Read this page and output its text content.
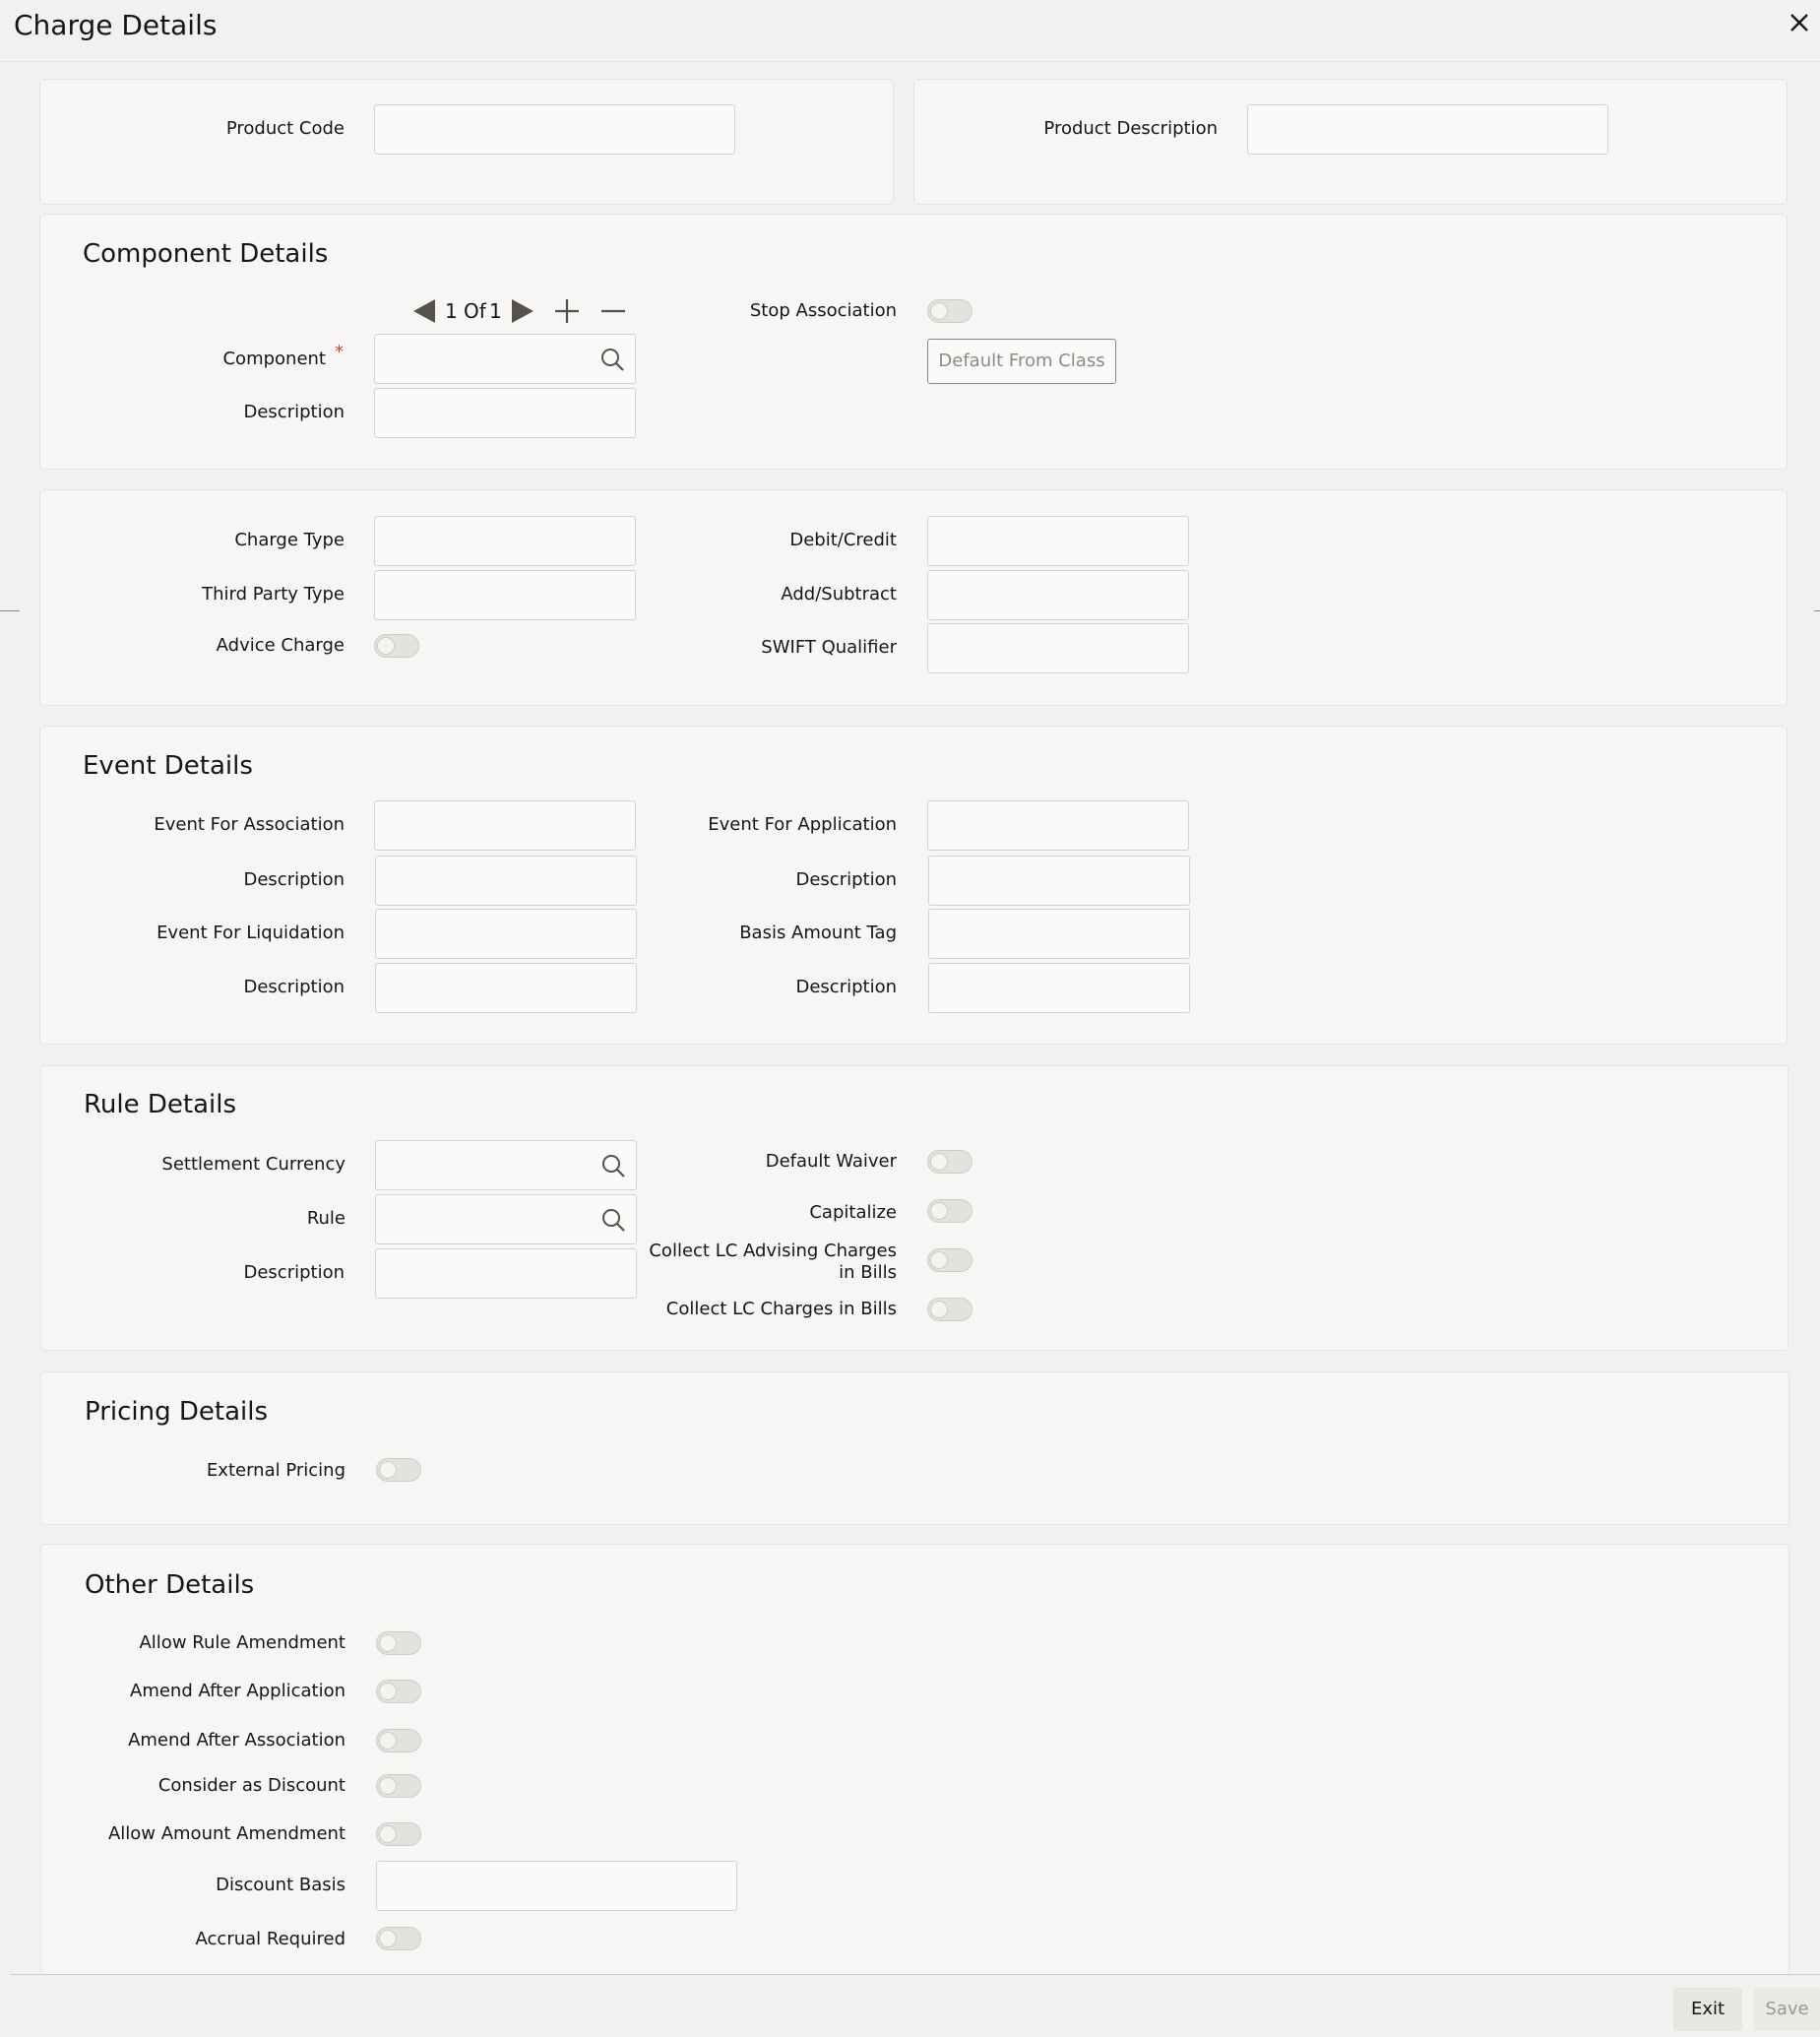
Charge Details
Product Code	Product Description
Component Details
1 Of 1
Component *
Description
Stop Association
Default From Class
Charge Type
Third Party Type
Advice Charge
Debit/Credit
Add/Subtract
SWIFT Qualifier
Event Details
Event For Association
Description
Event For Liquidation
Description
Event For Application
Description
Basis Amount Tag
Description
Rule Details
Settlement Currency
Rule
Description
Default Waiver
Capitalize
Collect LC Advising Charges in Bills
Collect LC Charges in Bills
Pricing Details
External Pricing
Other Details
Allow Rule Amendment
Amend After Application
Amend After Association
Consider as Discount
Allow Amount Amendment
Discount Basis
Accrual Required
Exit	Save
